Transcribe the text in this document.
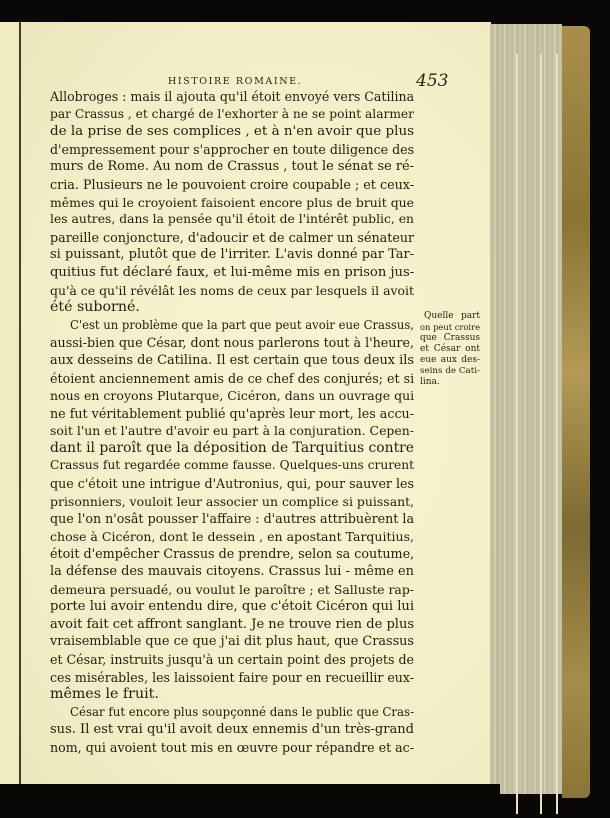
HISTOIRE ROMAINE.	453
Allobroges : mais il ajouta qu'il étoit envoyé vers Catilina
par Crassus , et chargé de l'exhorter à ne se point alarmer
de la prise de ses complices , et à n'en avoir que plus
d'empressement pour s'approcher en toute diligence des
murs de Rome. Au nom de Crassus , tout le sénat se ré-
cria. Plusieurs ne le pouvoient croire coupable ; et ceux-
mêmes qui le croyoient faisoient encore plus de bruit que
les autres, dans la pensée qu'il étoit de l'intérêt public, en
pareille conjoncture, d'adoucir et de calmer un sénateur
si puissant, plutôt que de l'irriter. L'avis donné par Tar-
quitius fut déclaré faux, et lui-même mis en prison jus-
qu'à ce qu'il révélât les noms de ceux par lesquels il avoit
été suborné.
C'est un problème que la part que peut avoir eue Crassus,
aussi-bien que César, dont nous parlerons tout à l'heure,
aux desseins de Catilina. Il est certain que tous deux ils
étoient anciennement amis de ce chef des conjurés; et si
nous en croyons Plutarque, Cicéron, dans un ouvrage qui
ne fut véritablement publié qu'après leur mort, les accu-
soit l'un et l'autre d'avoir eu part à la conjuration. Cepen-
dant il paroît que la déposition de Tarquitius contre
Crassus fut regardée comme fausse. Quelques-uns crurent
que c'étoit une intrigue d'Autronius, qui, pour sauver les
prisonniers, vouloit leur associer un complice si puissant,
que l'on n'osât pousser l'affaire : d'autres attribuèrent la
chose à Cicéron, dont le dessein , en apostant Tarquitius,
étoit d'empêcher Crassus de prendre, selon sa coutume,
la défense des mauvais citoyens. Crassus lui - même en
demeura persuadé, ou voulut le paroître ; et Salluste rap-
porte lui avoir entendu dire, que c'étoit Cicéron qui lui
avoit fait cet affront sanglant. Je ne trouve rien de plus
vraisemblable que ce que j'ai dit plus haut, que Crassus
et César, instruits jusqu'à un certain point des projets de
ces misérables, les laissoient faire pour en recueillir eux-
mêmes le fruit.
César fut encore plus soupçonné dans le public que Cras-
sus. Il est vrai qu'il avoit deux ennemis d'un très-grand
nom, qui avoient tout mis en œuvre pour répandre et ac-
Quelle part
on peut croire
que Crassus
et César ont
eue aux des-
seins de Cati-
lina.
